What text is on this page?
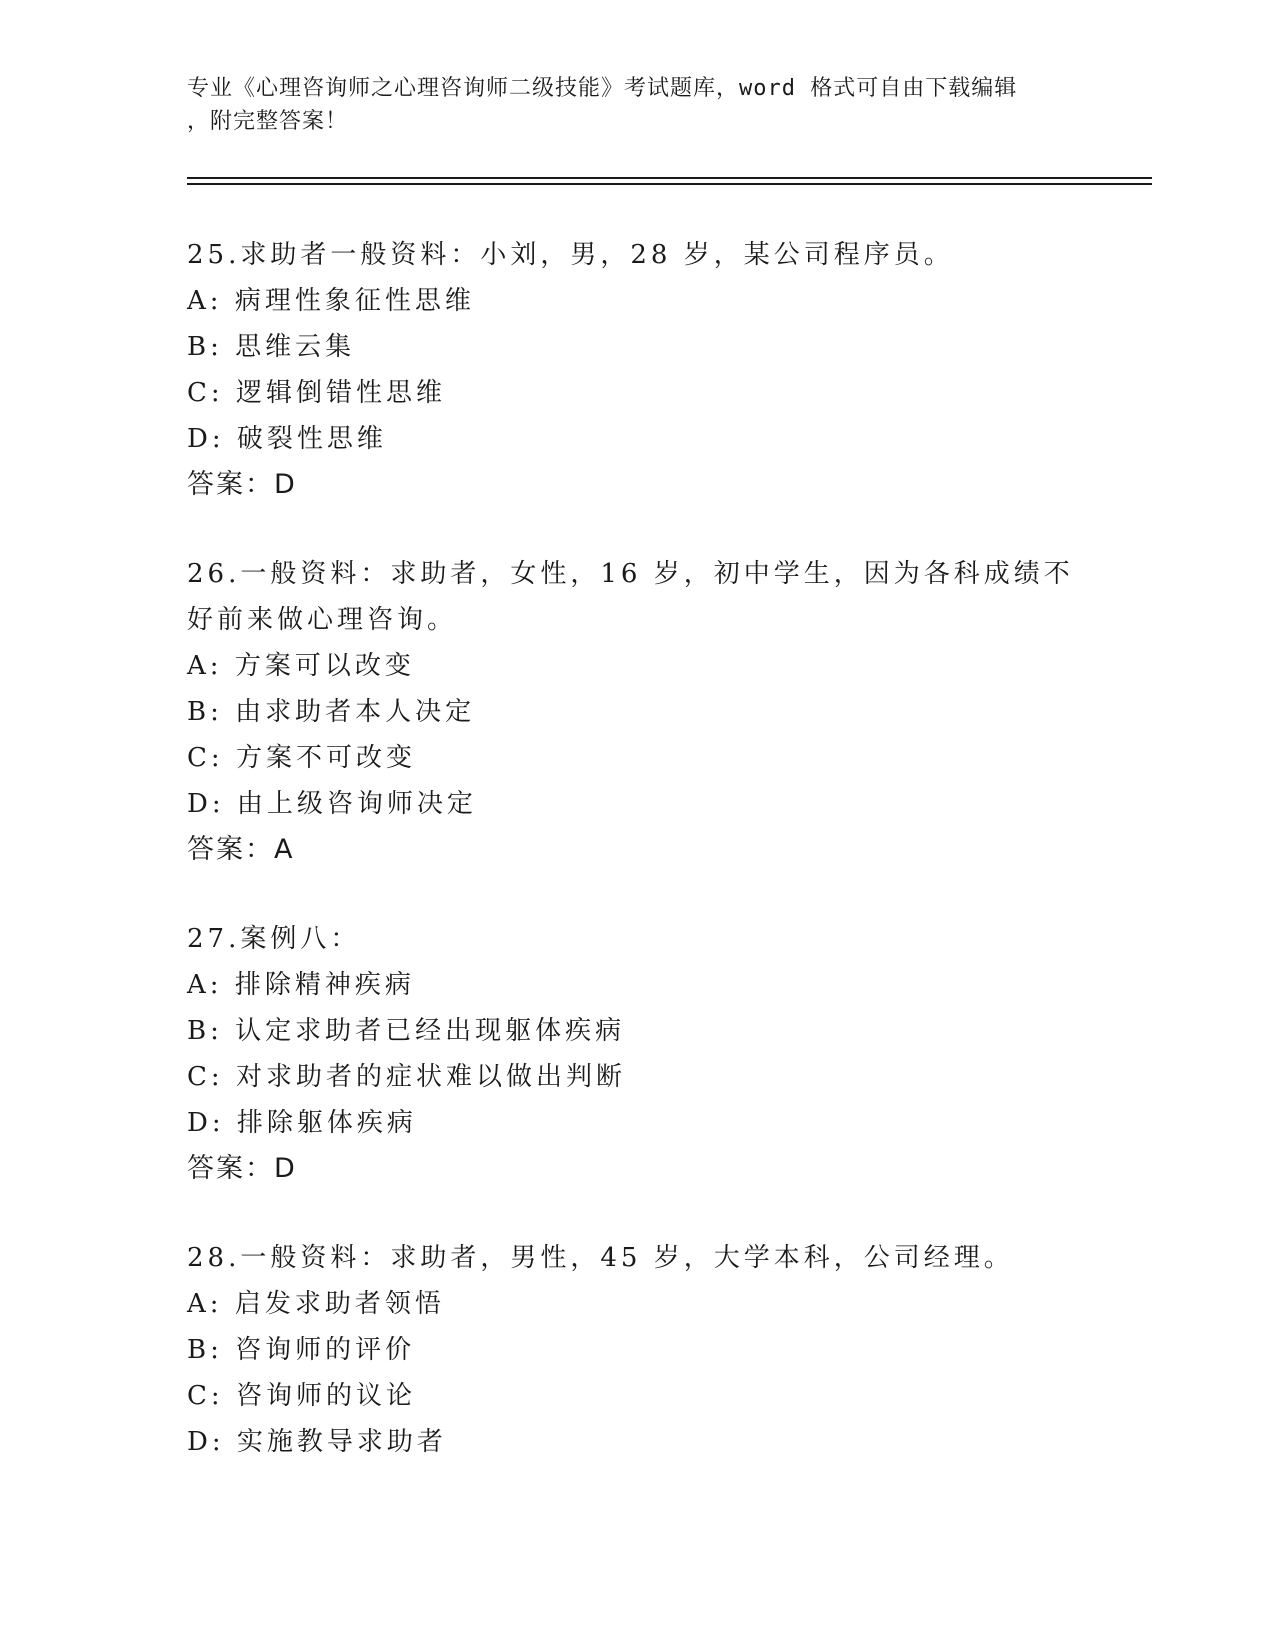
专业《心理咨询师之心理咨询师二级技能》考试题库，word 格式可自由下载编辑
，附完整答案！
25.求助者一般资料：小刘，男，28 岁，某公司程序员。
A: 病理性象征性思维
B: 思维云集
C: 逻辑倒错性思维
D: 破裂性思维
答案：D
26.一般资料：求助者，女性，16 岁，初中学生，因为各科成绩不好前来做心理咨询。
A: 方案可以改变
B: 由求助者本人决定
C: 方案不可改变
D: 由上级咨询师决定
答案：A
27.案例八：
A: 排除精神疾病
B: 认定求助者已经出现躯体疾病
C: 对求助者的症状难以做出判断
D: 排除躯体疾病
答案：D
28.一般资料：求助者，男性，45 岁，大学本科，公司经理。
A: 启发求助者领悟
B: 咨询师的评价
C: 咨询师的议论
D: 实施教导求助者
